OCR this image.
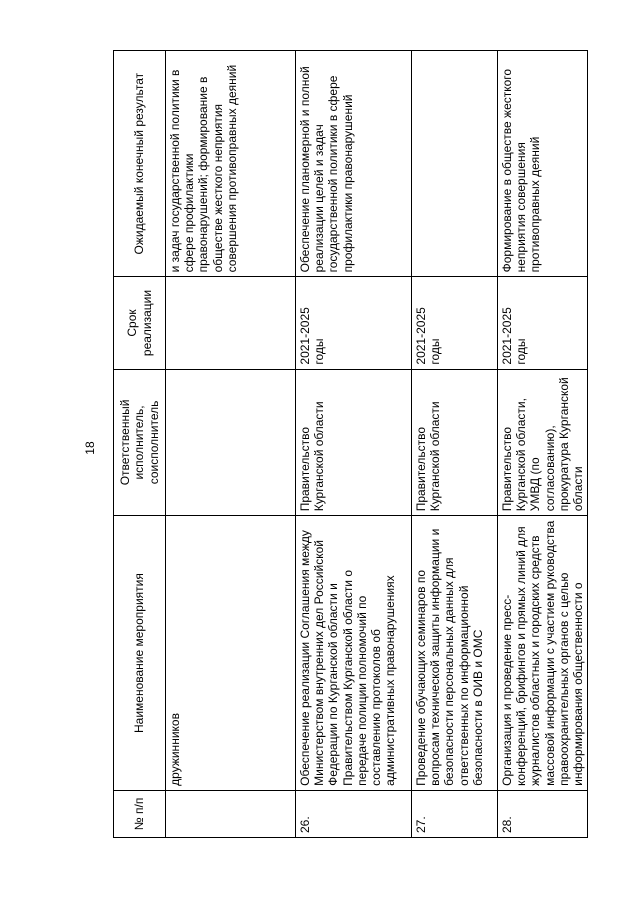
18
№ п/п	Наименование мероприятия	Ответственный исполнитель, соисполнитель	Срок реализации	Ожидаемый конечный результат
	дружинников			и задач государственной политики в сфере профилактики правонарушений; формирование в обществе жесткого неприятия совершения противоправных деяний
26.	Обеспечение реализации Соглашения между Министерством внутренних дел Российской Федерации по Курганской области и Правительством Курганской области о передаче полиции полномочий по составлению протоколов об административных правонарушениях	Правительство Курганской области	2021-2025 годы	Обеспечение планомерной и полной реализации целей и задач государственной политики в сфере профилактики правонарушений
27.	Проведение обучающих семинаров по вопросам технической защиты информации и безопасности персональных данных для ответственных по информационной безопасности в ОИВ и ОМС	Правительство Курганской области	2021-2025 годы	
28.	Организация и проведение пресс-конференций, брифингов и прямых линий для журналистов областных и городских средств массовой информации с участием руководства правоохранительных органов с целью информирования общественности о	Правительство Курганской области, УМВД (по согласованию), прокуратура Курганской области	2021-2025 годы	Формирование в обществе жесткого неприятия совершения противоправных деяний
